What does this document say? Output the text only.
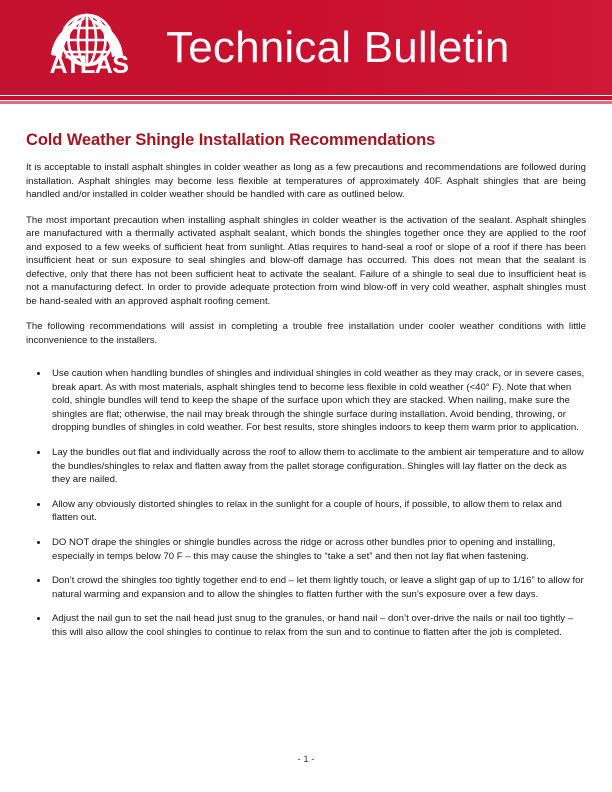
ATLAS Technical Bulletin
Cold Weather Shingle Installation Recommendations

It is acceptable to install asphalt shingles in colder weather as long as a few precautions and recommendations are followed during installation. Asphalt shingles may become less flexible at temperatures of approximately 40F. Asphalt shingles that are being handled and/or installed in colder weather should be handled with care as outlined below.

The most important precaution when installing asphalt shingles in colder weather is the activation of the sealant. Asphalt shingles are manufactured with a thermally activated asphalt sealant, which bonds the shingles together once they are applied to the roof and exposed to a few weeks of sufficient heat from sunlight. Atlas requires to hand-seal a roof or slope of a roof if there has been insufficient heat or sun exposure to seal shingles and blow-off damage has occurred. This does not mean that the sealant is defective, only that there has not been sufficient heat to activate the sealant. Failure of a shingle to seal due to insufficient heat is not a manufacturing defect. In order to provide adequate protection from wind blow-off in very cold weather, asphalt shingles must be hand-sealed with an approved asphalt roofing cement.

The following recommendations will assist in completing a trouble free installation under cooler weather conditions with little inconvenience to the installers.

Use caution when handling bundles of shingles and individual shingles in cold weather as they may crack, or in severe cases, break apart. As with most materials, asphalt shingles tend to become less flexible in cold weather (<40° F). Note that when cold, shingle bundles will tend to keep the shape of the surface upon which they are stacked. When nailing, make sure the shingles are flat; otherwise, the nail may break through the shingle surface during installation. Avoid bending, throwing, or dropping bundles of shingles in cold weather. For best results, store shingles indoors to keep them warm prior to application.
Lay the bundles out flat and individually across the roof to allow them to acclimate to the ambient air temperature and to allow the bundles/shingles to relax and flatten away from the pallet storage configuration. Shingles will lay flatter on the deck as they are nailed.
Allow any obviously distorted shingles to relax in the sunlight for a couple of hours, if possible, to allow them to relax and flatten out.
DO NOT drape the shingles or shingle bundles across the ridge or across other bundles prior to opening and installing, especially in temps below 70 F – this may cause the shingles to “take a set” and then not lay flat when fastening.
Don’t crowd the shingles too tightly together end to end – let them lightly touch, or leave a slight gap of up to 1/16” to allow for natural warming and expansion and to allow the shingles to flatten further with the sun’s exposure over a few days.
Adjust the nail gun to set the nail head just snug to the granules, or hand nail – don’t over-drive the nails or nail too tightly – this will also allow the cool shingles to continue to relax from the sun and to continue to flatten after the job is completed.
- 1 -
